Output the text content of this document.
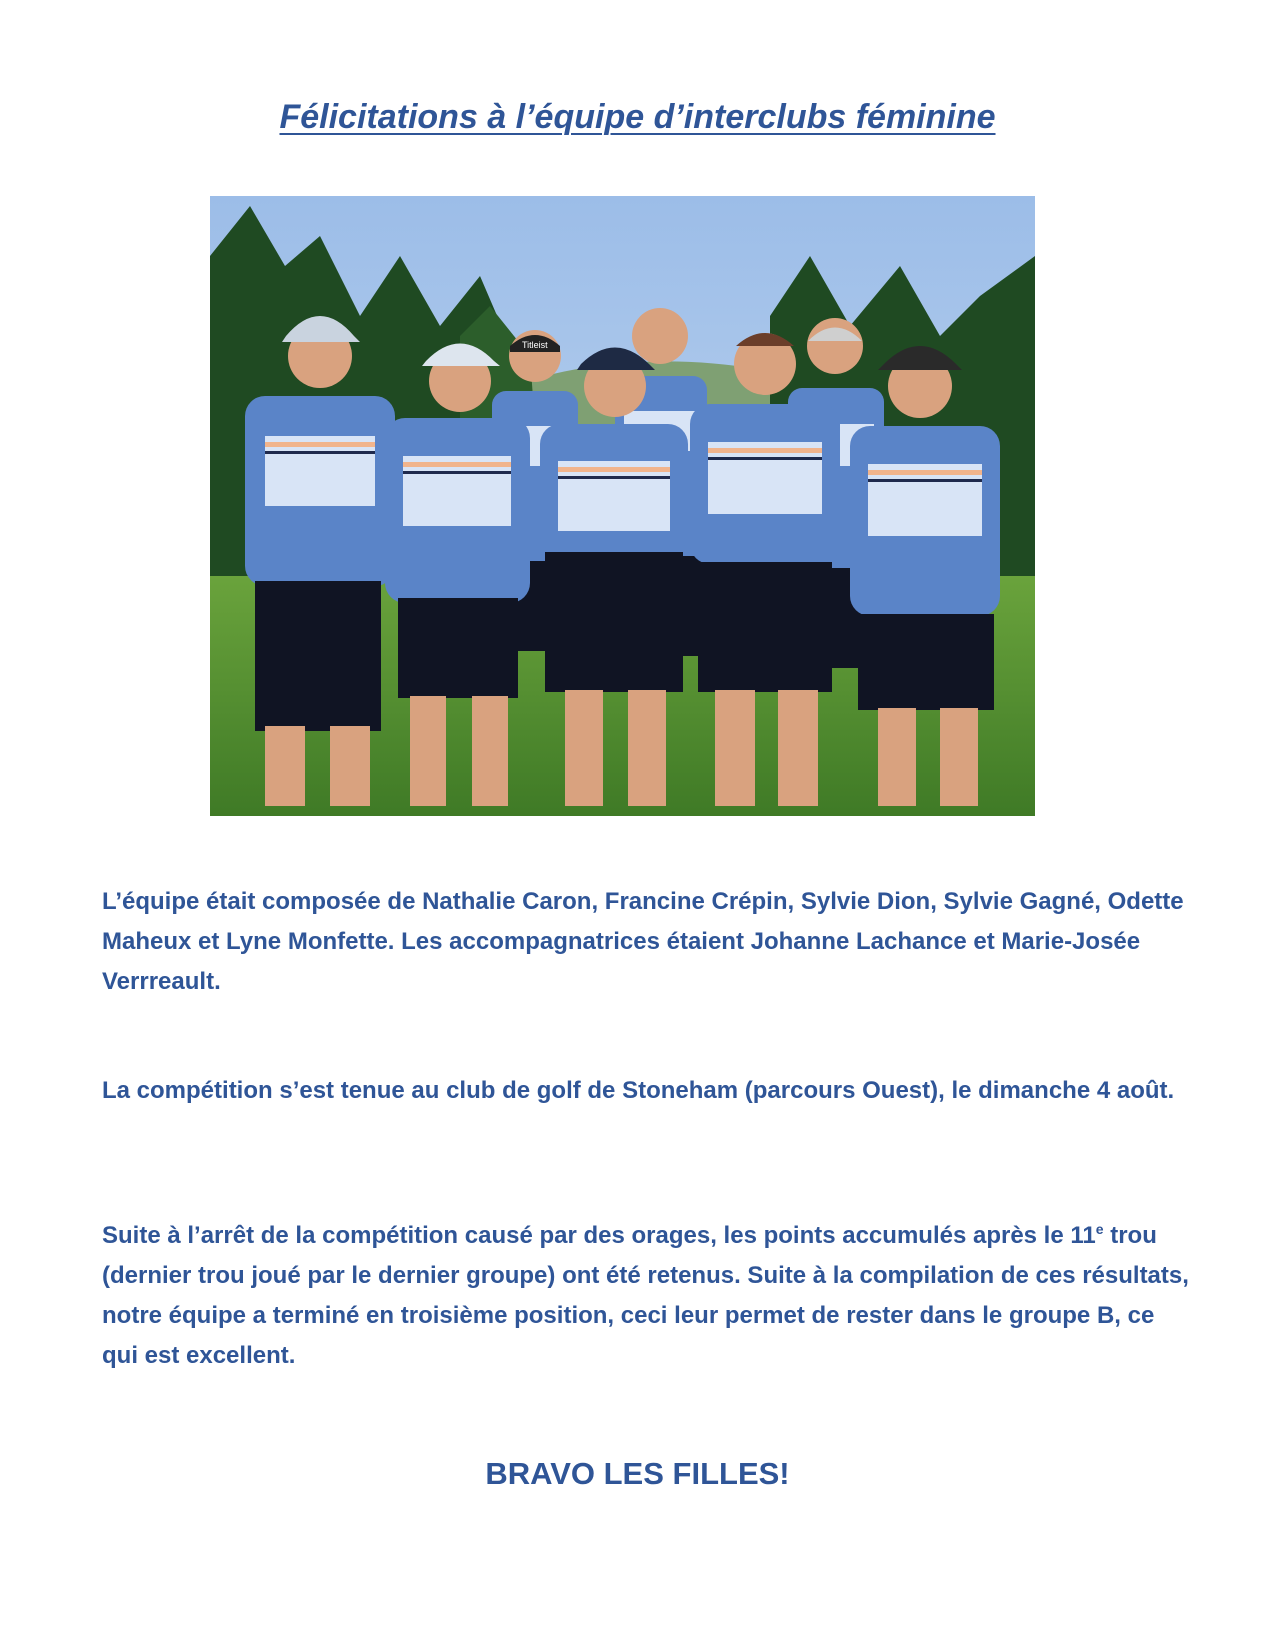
Félicitations à l’équipe d’interclubs féminine
Titleist

L’équipe était composée de Nathalie Caron, Francine Crépin, Sylvie Dion, Sylvie Gagné, Odette Maheux et Lyne Monfette. Les accompagnatrices étaient Johanne Lachance et Marie-Josée Verrreault.

La compétition s’est tenue au club de golf de Stoneham (parcours Ouest), le dimanche 4 août.

Suite à l’arrêt de la compétition causé par des orages, les points accumulés après le 11e trou (dernier trou joué par le dernier groupe) ont été retenus. Suite à la compilation de ces résultats, notre équipe a terminé en troisième position, ceci leur permet de rester dans le groupe B, ce qui est excellent.

BRAVO LES FILLES!
